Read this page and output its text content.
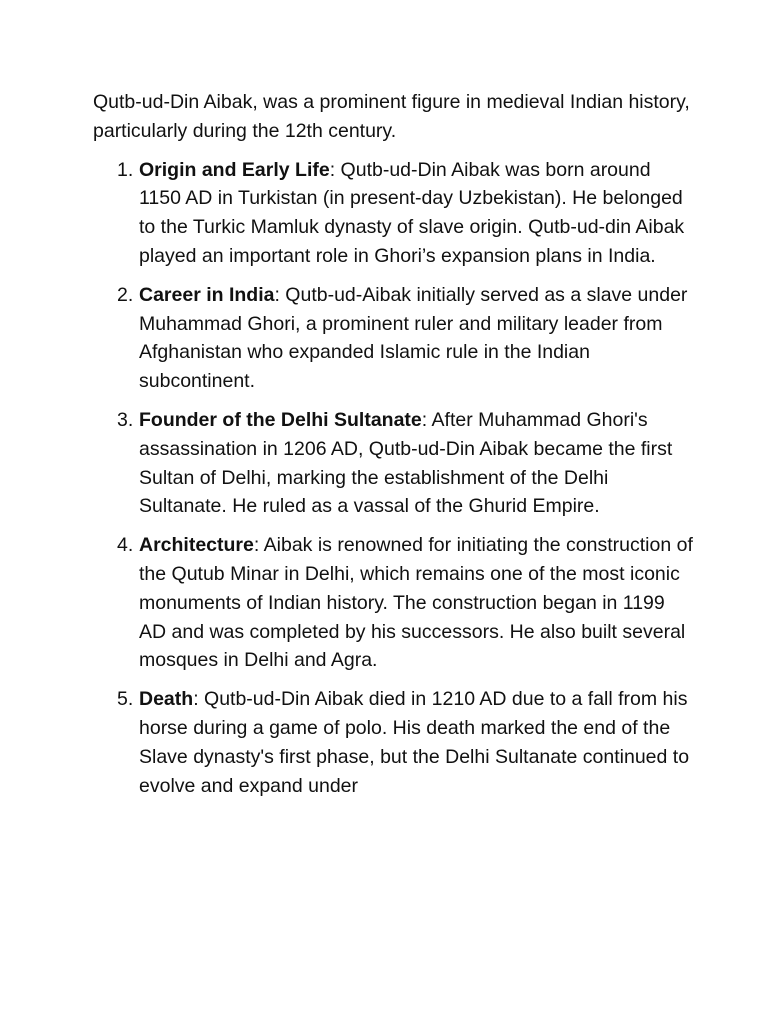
Qutb-ud-Din Aibak, was a prominent figure in medieval Indian history, particularly during the 12th century.

1. Origin and Early Life: Qutb-ud-Din Aibak was born around 1150 AD in Turkistan (in present-day Uzbekistan). He belonged to the Turkic Mamluk dynasty of slave origin. Qutb-ud-din Aibak played an important role in Ghori’s expansion plans in India.
2. Career in India: Qutb-ud-Aibak initially served as a slave under Muhammad Ghori, a prominent ruler and military leader from Afghanistan who expanded Islamic rule in the Indian subcontinent.
3. Founder of the Delhi Sultanate: After Muhammad Ghori's assassination in 1206 AD, Qutb-ud-Din Aibak became the first Sultan of Delhi, marking the establishment of the Delhi Sultanate. He ruled as a vassal of the Ghurid Empire.
4. Architecture: Aibak is renowned for initiating the construction of the Qutub Minar in Delhi, which remains one of the most iconic monuments of Indian history. The construction began in 1199 AD and was completed by his successors. He also built several mosques in Delhi and Agra.
5. Death: Qutb-ud-Din Aibak died in 1210 AD due to a fall from his horse during a game of polo. His death marked the end of the Slave dynasty's first phase, but the Delhi Sultanate continued to evolve and expand under
